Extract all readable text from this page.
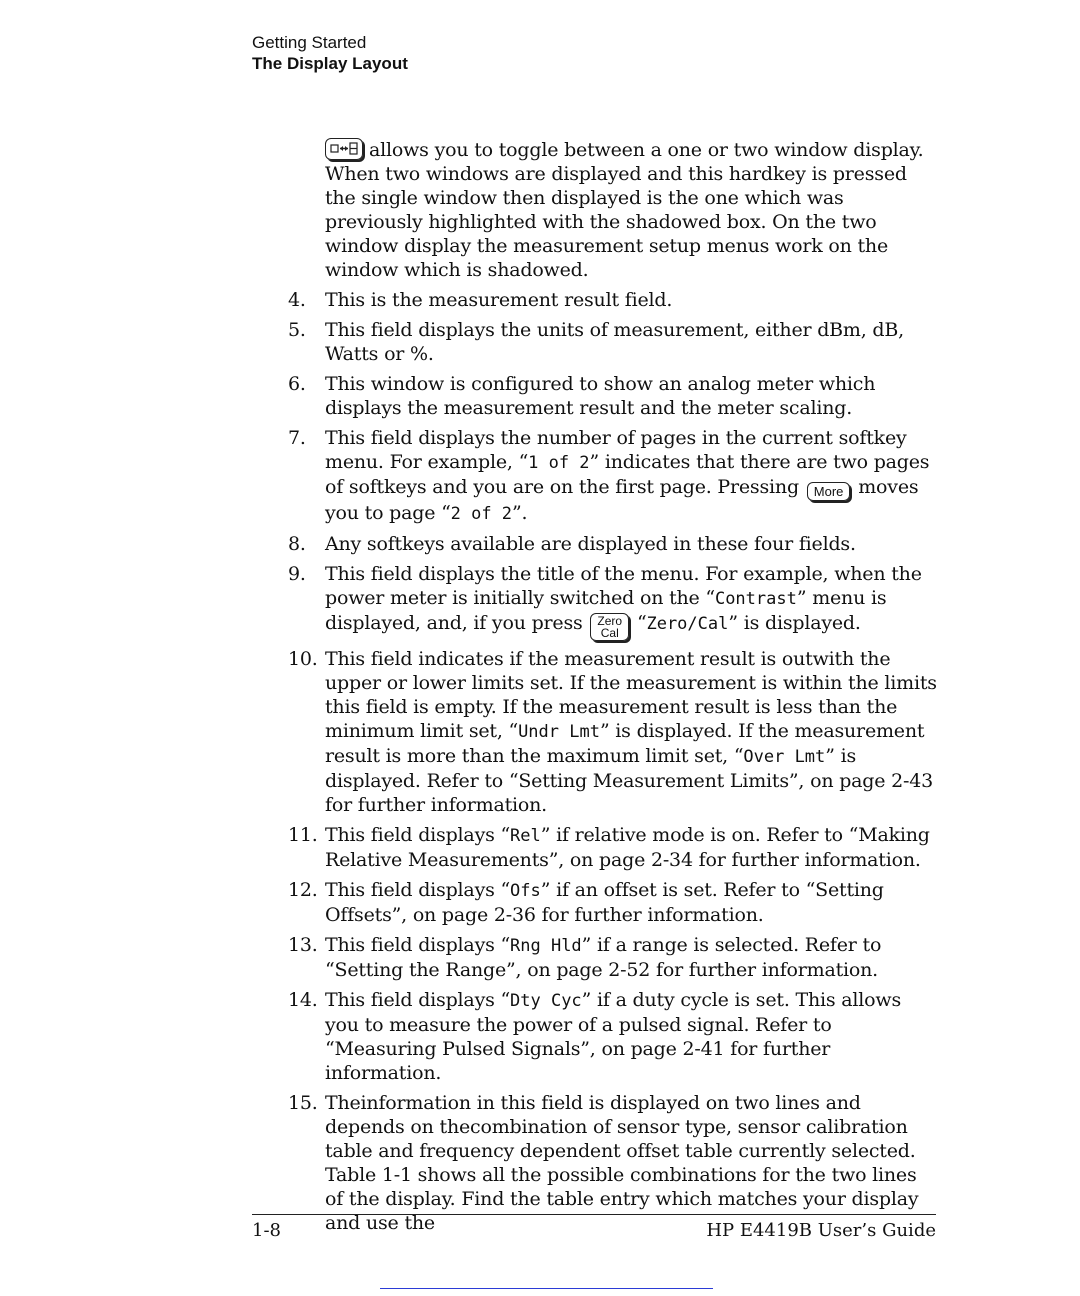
Getting Started
The Display Layout
allows you to toggle between a one or two window display. When two windows are displayed and this hardkey is pressed the single window then displayed is the one which was previously highlighted with the shadowed box. On the two window display the measurement setup menus work on the window which is shadowed.
4.	This is the measurement result field.
5.	This field displays the units of measurement, either dBm, dB, Watts or %.
6.	This window is configured to show an analog meter which displays the measurement result and the meter scaling.
7.	This field displays the number of pages in the current softkey menu. For example, “1 of 2” indicates that there are two pages of softkeys and you are on the first page. Pressing More moves you to page “2 of 2”.
8.	Any softkeys available are displayed in these four fields.
9.	This field displays the title of the menu. For example, when the power meter is initially switched on the “Contrast” menu is displayed, and, if you press Zero
Cal “Zero/Cal” is displayed.
10. This field indicates if the measurement result is outwith the upper or lower limits set. If the measurement is within the limits this field is empty. If the measurement result is less than the minimum limit set, “Undr Lmt” is displayed. If the measurement result is more than the maximum limit set, “Over Lmt” is displayed. Refer to “Setting Measurement Limits”, on page 2-43 for further information.
11. This field displays “Rel” if relative mode is on. Refer to “Making Relative Measurements”, on page 2-34 for further information.
12. This field displays “Ofs” if an offset is set. Refer to “Setting Offsets”, on page 2-36 for further information.
13. This field displays “Rng Hld” if a range is selected. Refer to “Setting the Range”, on page 2-52 for further information.
14. This field displays “Dty Cyc” if a duty cycle is set. This allows you to measure the power of a pulsed signal. Refer to “Measuring Pulsed Signals”, on page 2-41 for further information.
15. Theinformation in this field is displayed on two lines and depends on thecombination of sensor type, sensor calibration table and frequency dependent offset table currently selected. Table 1-1 shows all the possible combinations for the two lines of the display. Find the table entry which matches your display and use the
1-8	HP E4419B User’s Guide
